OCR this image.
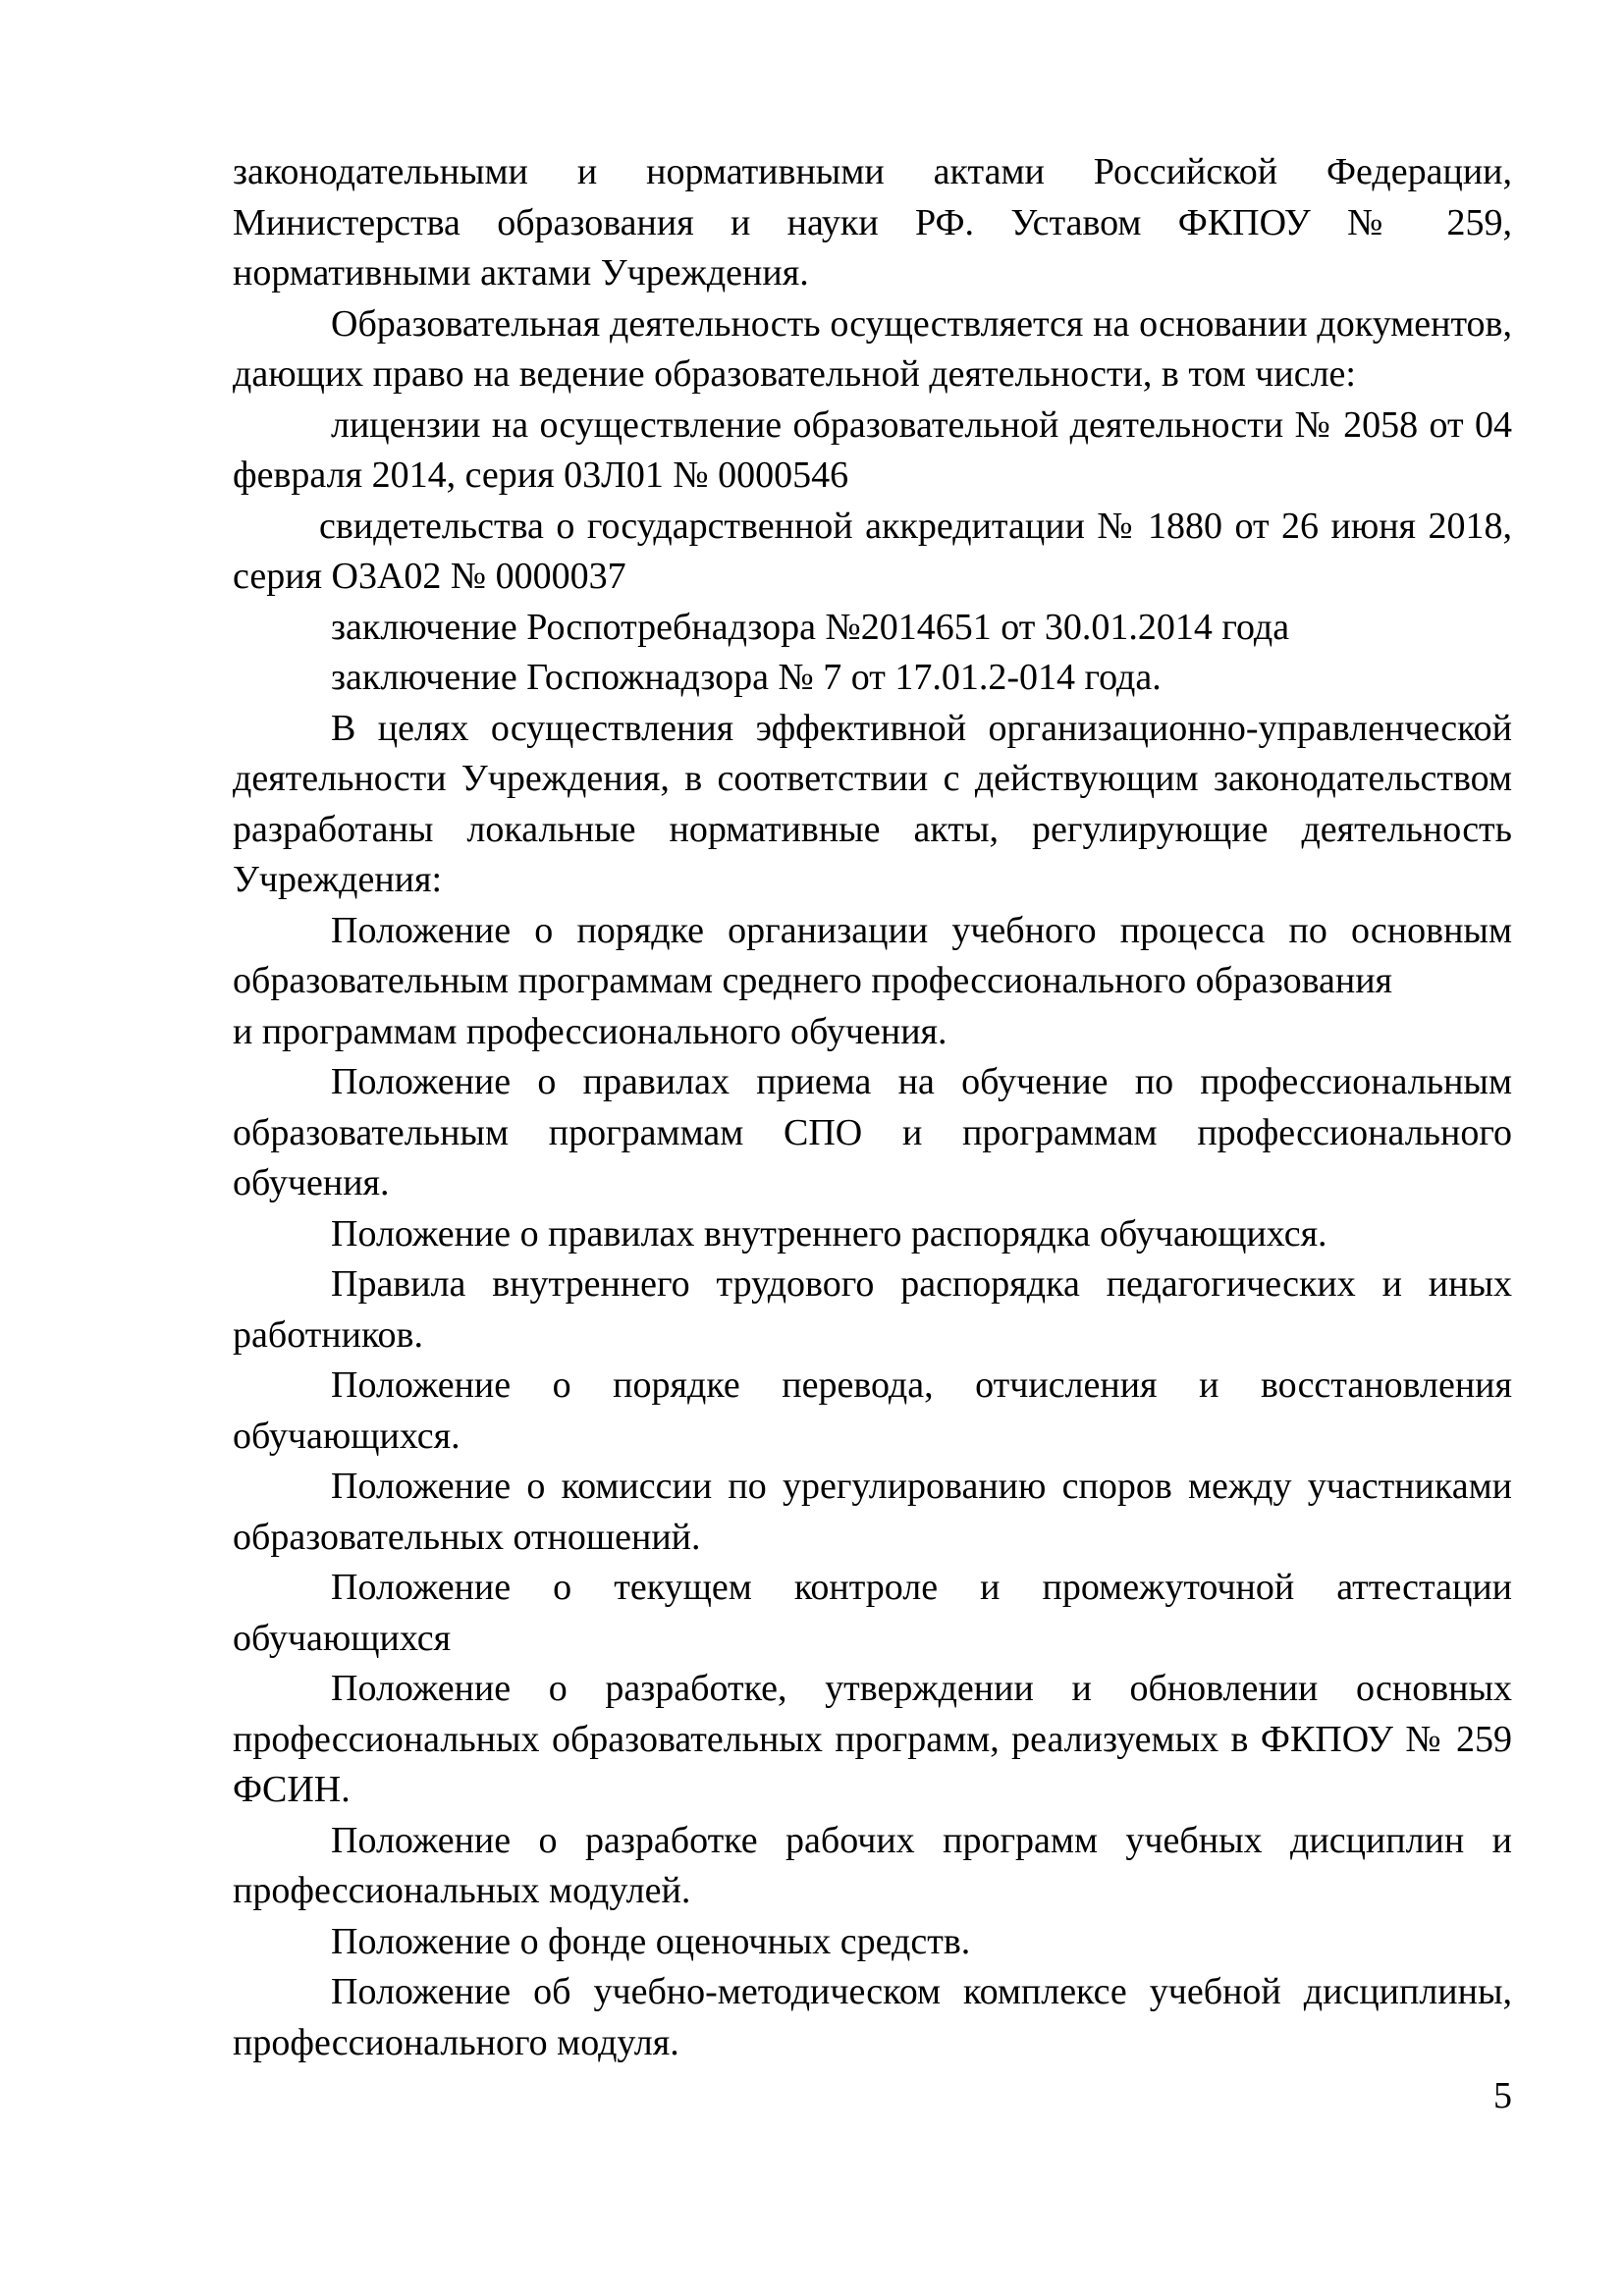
законодательными и нормативными актами Российской Федерации, Министерства образования и науки РФ. Уставом ФКПОУ № 259, нормативными актами Учреждения.

Образовательная деятельность осуществляется на основании документов, дающих право на ведение образовательной деятельности, в том числе:

лицензии на осуществление образовательной деятельности № 2058 от 04 февраля 2014, серия 03Л01 № 0000546

свидетельства о государственной аккредитации № 1880 от 26 июня 2018, серия О3А02 № 0000037

заключение Роспотребнадзора №2014651 от 30.01.2014 года

заключение Госпожнадзора № 7 от 17.01.2-014 года.

В целях осуществления эффективной организационно-управленческой деятельности Учреждения, в соответствии с действующим законодательством разработаны локальные нормативные акты, регулирующие деятельность Учреждения:

Положение о порядке организации учебного процесса по основным образовательным программам среднего профессионального образования

и программам профессионального обучения.

Положение о правилах приема на обучение по профессиональным образовательным программам СПО и программам профессионального обучения.

Положение о правилах внутреннего распорядка обучающихся.

Правила внутреннего трудового распорядка педагогических и иных работников.

Положение о порядке перевода, отчисления и восстановления обучающихся.

Положение о комиссии по урегулированию споров между участниками образовательных отношений.

Положение о текущем контроле и промежуточной аттестации обучающихся

Положение о разработке, утверждении и обновлении основных профессиональных образовательных программ, реализуемых в ФКПОУ № 259 ФСИН.

Положение о разработке рабочих программ учебных дисциплин и профессиональных модулей.

Положение о фонде оценочных средств.

Положение об учебно-методическом комплексе учебной дисциплины, профессионального модуля.

5
